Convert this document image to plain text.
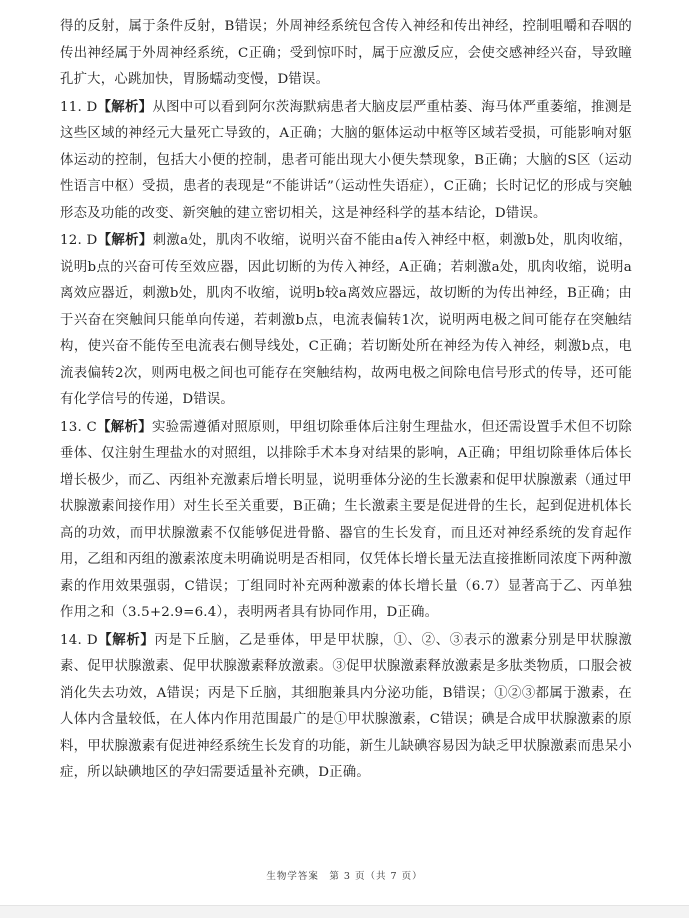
得的反射，属于条件反射，B错误；外周神经系统包含传入神经和传出神经，控制咀嚼和吞咽的传出神经属于外周神经系统，C正确；受到惊吓时，属于应激反应，会使交感神经兴奋，导致瞳孔扩大，心跳加快，胃肠蠕动变慢，D错误。

11. D【解析】从图中可以看到阿尔茨海默病患者大脑皮层严重枯萎、海马体严重萎缩，推测是这些区域的神经元大量死亡导致的，A正确；大脑的躯体运动中枢等区域若受损，可能影响对躯体运动的控制，包括大小便的控制，患者可能出现大小便失禁现象，B正确；大脑的S区（运动性语言中枢）受损，患者的表现是“不能讲话”（运动性失语症），C正确；长时记忆的形成与突触形态及功能的改变、新突触的建立密切相关，这是神经科学的基本结论，D错误。

12. D【解析】刺激a处，肌肉不收缩，说明兴奋不能由a传入神经中枢，刺激b处，肌肉收缩，说明b点的兴奋可传至效应器，因此切断的为传入神经，A正确；若刺激a处，肌肉收缩，说明a离效应器近，刺激b处，肌肉不收缩，说明b较a离效应器远，故切断的为传出神经，B正确；由于兴奋在突触间只能单向传递，若刺激b点，电流表偏转1次，说明两电极之间可能存在突触结构，使兴奋不能传至电流表右侧导线处，C正确；若切断处所在神经为传入神经，刺激b点，电流表偏转2次，则两电极之间也可能存在突触结构，故两电极之间除电信号形式的传导，还可能有化学信号的传递，D错误。

13. C【解析】实验需遵循对照原则，甲组切除垂体后注射生理盐水，但还需设置手术但不切除垂体、仅注射生理盐水的对照组，以排除手术本身对结果的影响，A正确；甲组切除垂体后体长增长极少，而乙、丙组补充激素后增长明显，说明垂体分泌的生长激素和促甲状腺激素（通过甲状腺激素间接作用）对生长至关重要，B正确；生长激素主要是促进骨的生长，起到促进机体长高的功效，而甲状腺激素不仅能够促进骨骼、器官的生长发育，而且还对神经系统的发育起作用，乙组和丙组的激素浓度未明确说明是否相同，仅凭体长增长量无法直接推断同浓度下两种激素的作用效果强弱，C错误；丁组同时补充两种激素的体长增长量（6.7）显著高于乙、丙单独作用之和（3.5+2.9=6.4），表明两者具有协同作用，D正确。

14. D【解析】丙是下丘脑，乙是垂体，甲是甲状腺，①、②、③表示的激素分别是甲状腺激素、促甲状腺激素、促甲状腺激素释放激素。③促甲状腺激素释放激素是多肽类物质，口服会被消化失去功效，A错误；丙是下丘脑，其细胞兼具内分泌功能，B错误；①②③都属于激素，在人体内含量较低，在人体内作用范围最广的是①甲状腺激素，C错误；碘是合成甲状腺激素的原料，甲状腺激素有促进神经系统生长发育的功能，新生儿缺碘容易因为缺乏甲状腺激素而患呆小症，所以缺碘地区的孕妇需要适量补充碘，D正确。

生物学答案　第 3 页（共 7 页）
